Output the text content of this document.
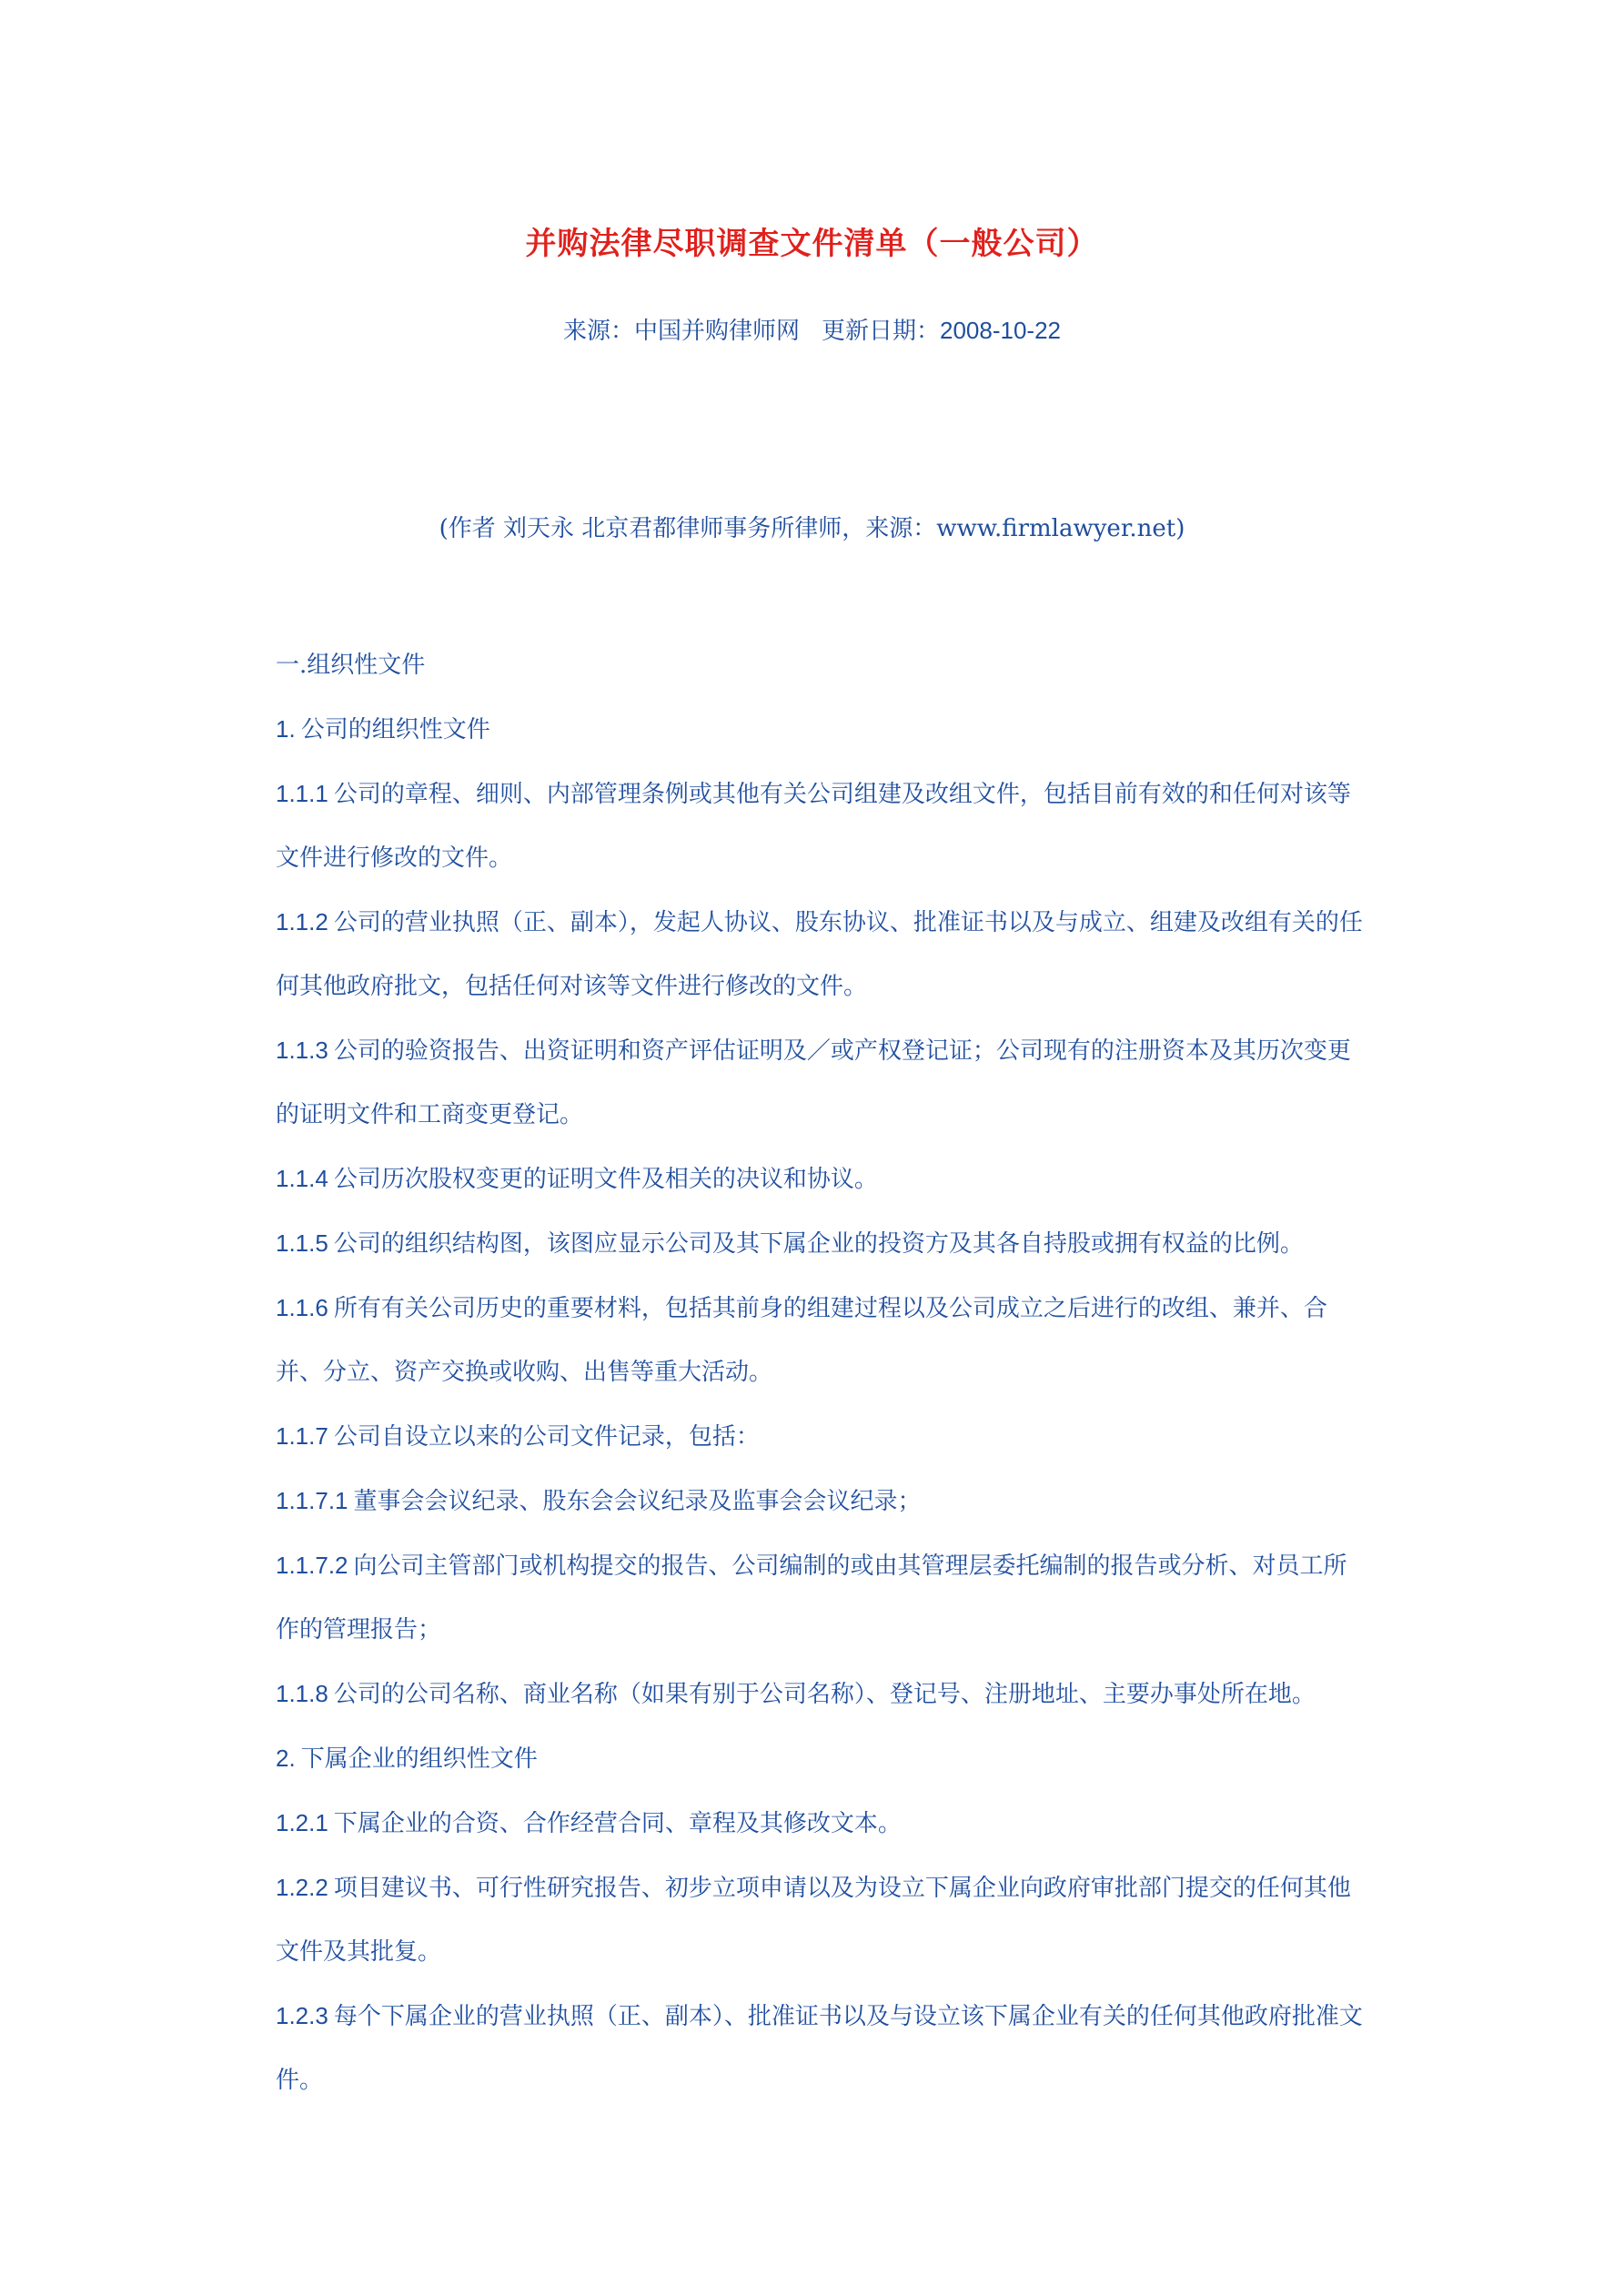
并购法律尽职调查文件清单（一般公司）
来源：中国并购律师网 更新日期：2008-10-22
(作者 刘天永 北京君都律师事务所律师，来源：www.firmlawyer.net)

一.组织性文件

1. 公司的组织性文件

1.1.1 公司的章程、细则、内部管理条例或其他有关公司组建及改组文件，包括目前有效的和任何对该等文件进行修改的文件。

1.1.2 公司的营业执照（正、副本），发起人协议、股东协议、批准证书以及与成立、组建及改组有关的任何其他政府批文，包括任何对该等文件进行修改的文件。

1.1.3 公司的验资报告、出资证明和资产评估证明及／或产权登记证；公司现有的注册资本及其历次变更的证明文件和工商变更登记。

1.1.4 公司历次股权变更的证明文件及相关的决议和协议。

1.1.5 公司的组织结构图，该图应显示公司及其下属企业的投资方及其各自持股或拥有权益的比例。

1.1.6 所有有关公司历史的重要材料，包括其前身的组建过程以及公司成立之后进行的改组、兼并、合并、分立、资产交换或收购、出售等重大活动。

1.1.7 公司自设立以来的公司文件记录，包括：

1.1.7.1 董事会会议纪录、股东会会议纪录及监事会会议纪录；

1.1.7.2 向公司主管部门或机构提交的报告、公司编制的或由其管理层委托编制的报告或分析、对员工所作的管理报告；

1.1.8 公司的公司名称、商业名称（如果有别于公司名称）、登记号、注册地址、主要办事处所在地。

2. 下属企业的组织性文件

1.2.1 下属企业的合资、合作经营合同、章程及其修改文本。

1.2.2 项目建议书、可行性研究报告、初步立项申请以及为设立下属企业向政府审批部门提交的任何其他文件及其批复。

1.2.3 每个下属企业的营业执照（正、副本）、批准证书以及与设立该下属企业有关的任何其他政府批准文件。
